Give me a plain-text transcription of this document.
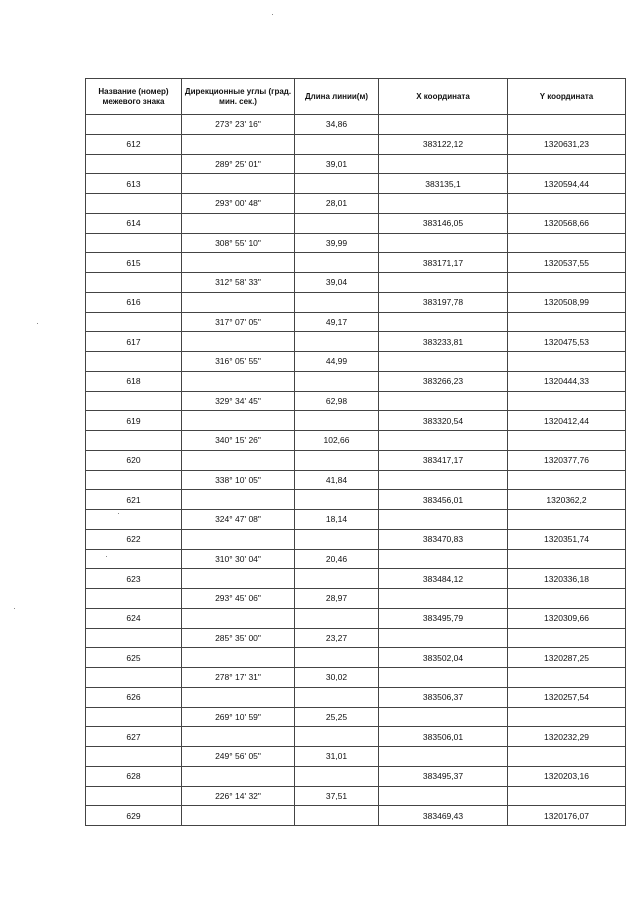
Название (номер) межевого знака	Дирекционные углы (град. мин. сек.)	Длина линии(м)	X координата	Y координата
	273° 23' 16"	34,86		
612			383122,12	1320631,23
	289° 25' 01"	39,01		
613			383135,1	1320594,44
	293° 00' 48"	28,01		
614			383146,05	1320568,66
	308° 55' 10"	39,99		
615			383171,17	1320537,55
	312° 58' 33"	39,04		
616			383197,78	1320508,99
	317° 07' 05"	49,17		
617			383233,81	1320475,53
	316° 05' 55"	44,99		
618			383266,23	1320444,33
	329° 34' 45"	62,98		
619			383320,54	1320412,44
	340° 15' 26"	102,66		
620			383417,17	1320377,76
	338° 10' 05"	41,84		
621			383456,01	1320362,2
	324° 47' 08"	18,14		
622			383470,83	1320351,74
	310° 30' 04"	20,46		
623			383484,12	1320336,18
	293° 45' 06"	28,97		
624			383495,79	1320309,66
	285° 35' 00"	23,27		
625			383502,04	1320287,25
	278° 17' 31"	30,02		
626			383506,37	1320257,54
	269° 10' 59"	25,25		
627			383506,01	1320232,29
	249° 56' 05"	31,01		
628			383495,37	1320203,16
	226° 14' 32"	37,51		
629			383469,43	1320176,07
